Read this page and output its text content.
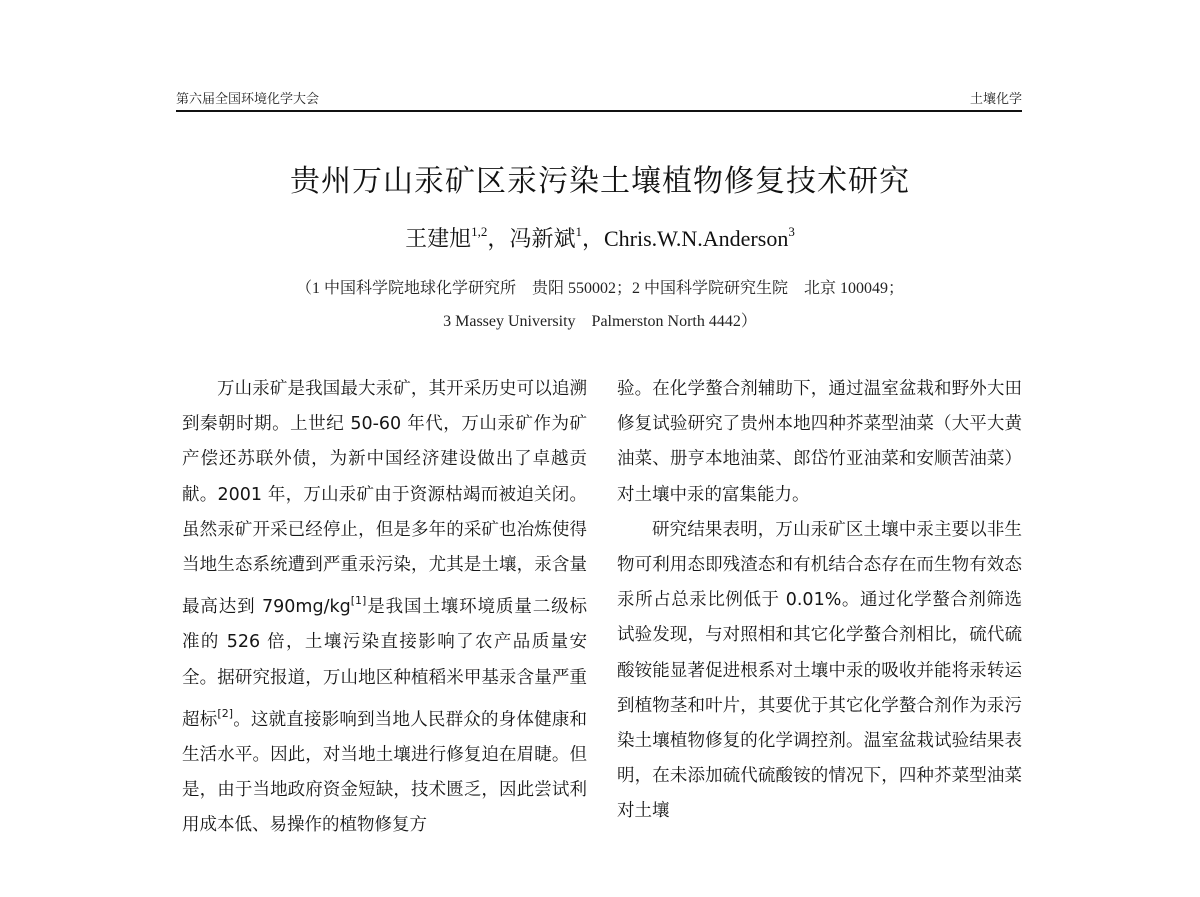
第六届全国环境化学大会	土壤化学
贵州万山汞矿区汞污染土壤植物修复技术研究
王建旭$^{1,2}$，冯新斌$^1$，Chris.W.N.Anderson$^3$
（1 中国科学院地球化学研究所　贵阳 550002；2 中国科学院研究生院　北京 100049；
3 Massey University　Palmerston North 4442）

万山汞矿是我国最大汞矿，其开采历史可以追溯到秦朝时期。上世纪 50-60 年代，万山汞矿作为矿产偿还苏联外债，为新中国经济建设做出了卓越贡献。2001 年，万山汞矿由于资源枯竭而被迫关闭。虽然汞矿开采已经停止，但是多年的采矿也冶炼使得当地生态系统遭到严重汞污染，尤其是土壤，汞含量最高达到 790mg/kg[1]是我国土壤环境质量二级标准的 526 倍，土壤污染直接影响了农产品质量安全。据研究报道，万山地区种植稻米甲基汞含量严重超标[2]。这就直接影响到当地人民群众的身体健康和生活水平。因此，对当地土壤进行修复迫在眉睫。但是，由于当地政府资金短缺，技术匮乏，因此尝试利用成本低、易操作的植物修复方

验。在化学螯合剂辅助下，通过温室盆栽和野外大田修复试验研究了贵州本地四种芥菜型油菜（大平大黄油菜、册亨本地油菜、郎岱竹亚油菜和安顺苦油菜）对土壤中汞的富集能力。

研究结果表明，万山汞矿区土壤中汞主要以非生物可利用态即残渣态和有机结合态存在而生物有效态汞所占总汞比例低于 0.01%。通过化学螯合剂筛选试验发现，与对照相和其它化学螯合剂相比，硫代硫酸铵能显著促进根系对土壤中汞的吸收并能将汞转运到植物茎和叶片，其要优于其它化学螯合剂作为汞污染土壤植物修复的化学调控剂。温室盆栽试验结果表明，在未添加硫代硫酸铵的情况下，四种芥菜型油菜对土壤
